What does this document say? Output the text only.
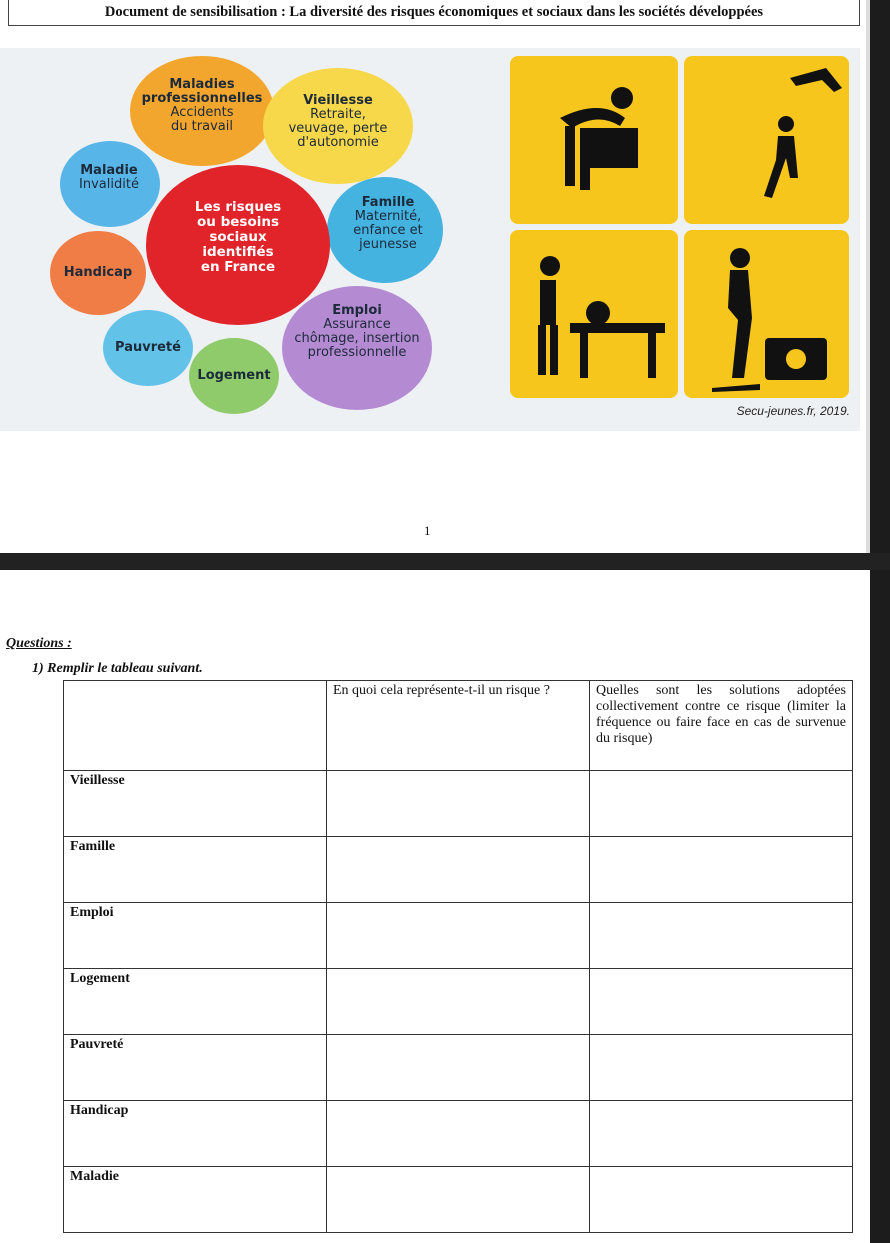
Document de sensibilisation : La diversité des risques économiques et sociaux dans les sociétés développées
Maladies
professionnelles
Accidents
du travail
Vieillesse
Retraite,
veuvage, perte
d'autonomie
Maladie
Invalidité
Famille
Maternité,
enfance et
jeunesse
Handicap
Emploi
Assurance
chômage, insertion
professionnelle
Pauvreté
Logement
Les risques
ou besoins
sociaux
identifiés
en France
Secu-jeunes.fr, 2019.
1
Questions :
1) Remplir le tableau suivant.
	En quoi cela représente-t-il un risque ?	Quelles sont les solutions adoptées collectivement contre ce risque (limiter la fréquence ou faire face en cas de survenue du risque)
Vieillesse		
Famille		
Emploi		
Logement		
Pauvreté		
Handicap		
Maladie		
